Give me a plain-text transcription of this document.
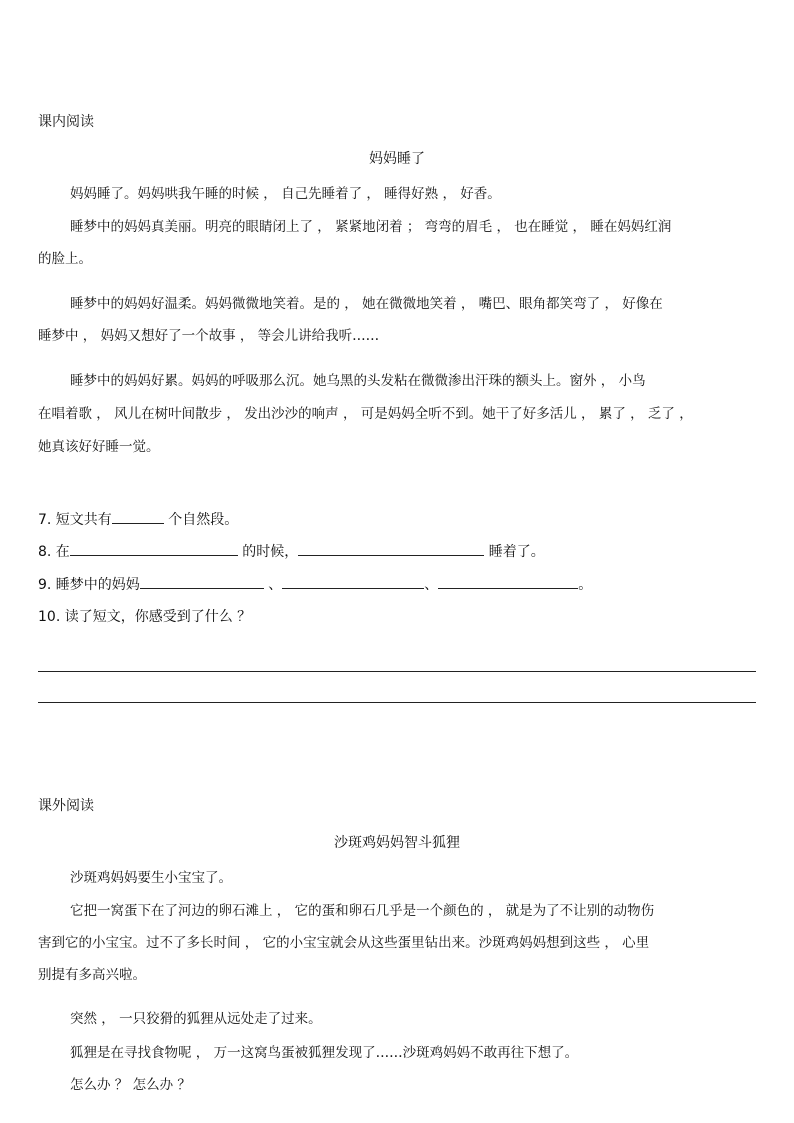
课内阅读
妈妈睡了
妈妈睡了。妈妈哄我午睡的时候 ， 自己先睡着了 ， 睡得好熟 ， 好香。
睡梦中的妈妈真美丽。明亮的眼睛闭上了 ， 紧紧地闭着 ； 弯弯的眉毛 ， 也在睡觉 ， 睡在妈妈红润
的脸上。
睡梦中的妈妈好温柔。妈妈微微地笑着。是的 ， 她在微微地笑着 ， 嘴巴、眼角都笑弯了 ， 好像在
睡梦中 ， 妈妈又想好了一个故事 ， 等会儿讲给我听……
睡梦中的妈妈好累。妈妈的呼吸那么沉。她乌黑的头发粘在微微渗出汗珠的额头上。窗外 ， 小鸟
在唱着歌 ， 风儿在树叶间散步 ， 发出沙沙的响声 ， 可是妈妈全听不到。她干了好多活儿 ， 累了 ， 乏了 ，
她真该好好睡一觉。
7. 短文共有	个自然段。
8. 在	的时候，	睡着了。
9. 睡梦中的妈妈	、	、	。
10. 读了短文，你感受到了什么 ？
课外阅读
沙斑鸡妈妈智斗狐狸
沙斑鸡妈妈要生小宝宝了。
它把一窝蛋下在了河边的卵石滩上 ， 它的蛋和卵石几乎是一个颜色的 ， 就是为了不让别的动物伤
害到它的小宝宝。过不了多长时间 ， 它的小宝宝就会从这些蛋里钻出来。沙斑鸡妈妈想到这些 ， 心里
别提有多高兴啦。
突然 ， 一只狡猾的狐狸从远处走了过来。
狐狸是在寻找食物呢 ， 万一这窝鸟蛋被狐狸发现了……沙斑鸡妈妈不敢再往下想了。
怎么办 ？ 怎么办 ？
